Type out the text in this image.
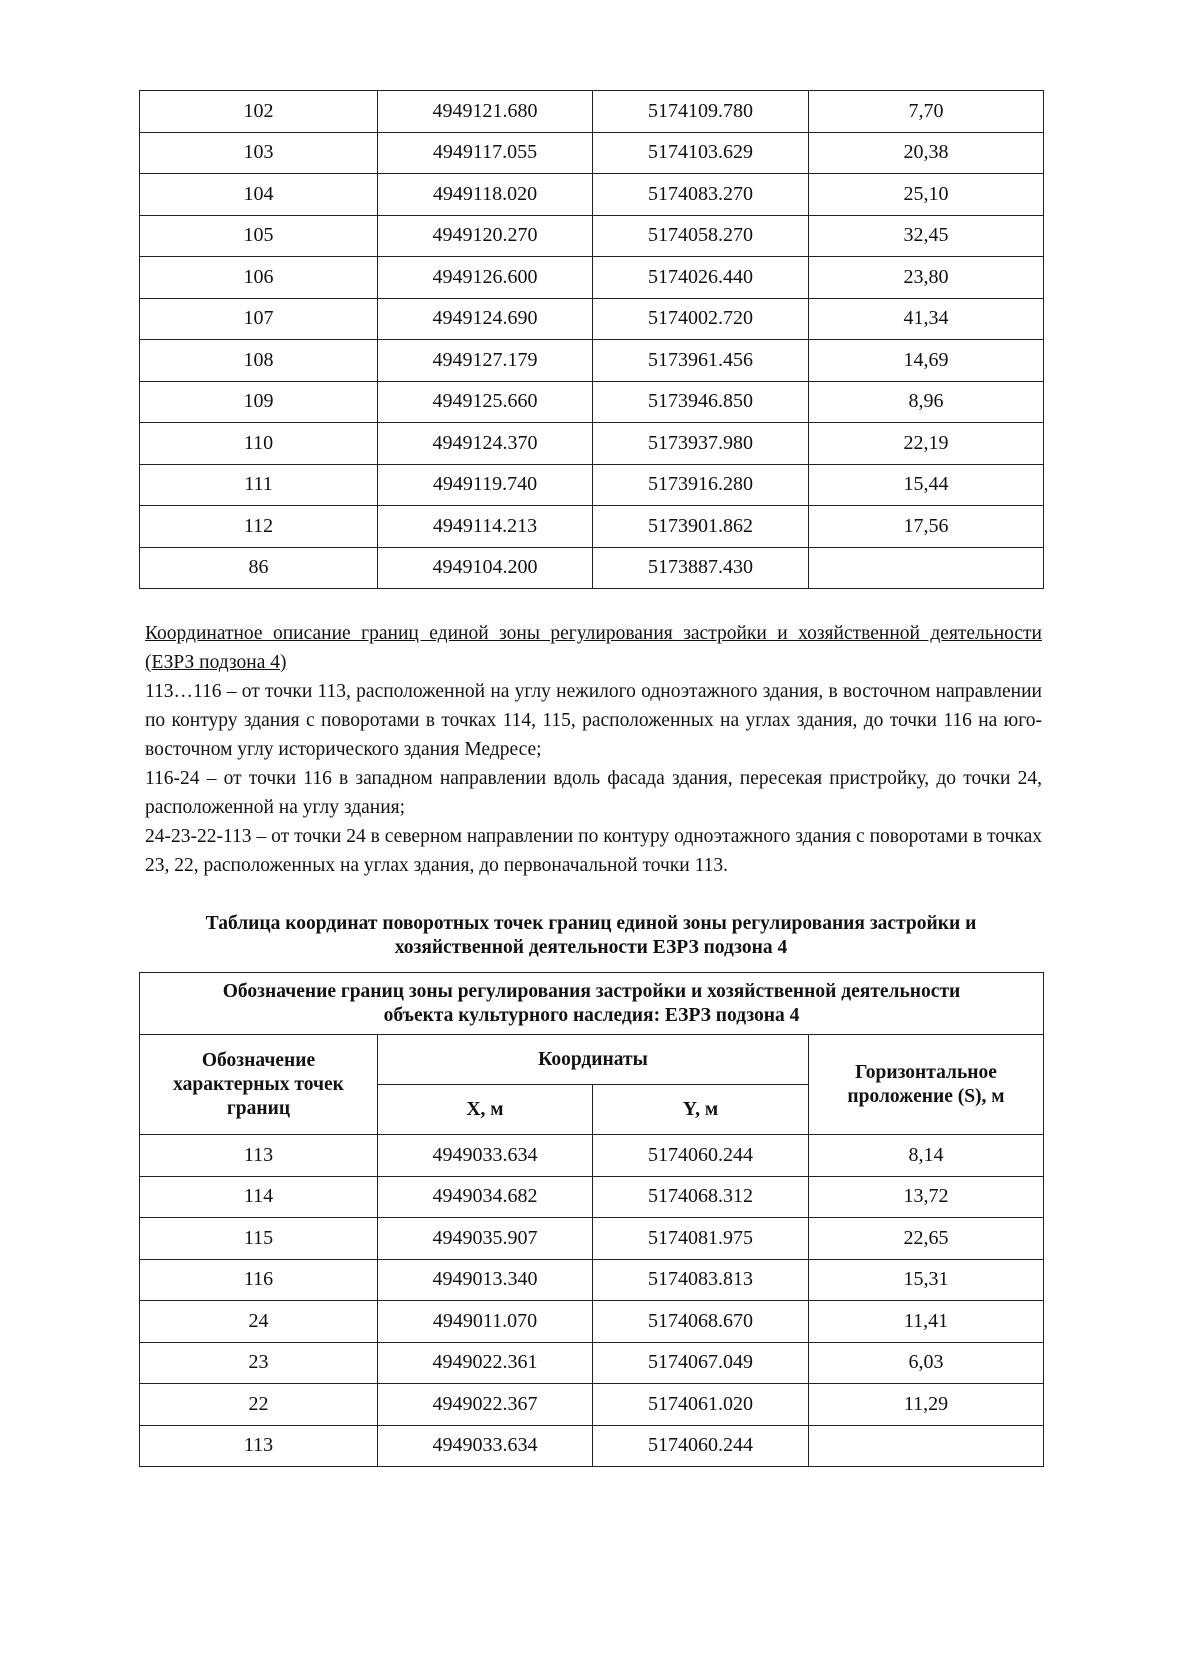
102	4949121.680	5174109.780	7,70
103	4949117.055	5174103.629	20,38
104	4949118.020	5174083.270	25,10
105	4949120.270	5174058.270	32,45
106	4949126.600	5174026.440	23,80
107	4949124.690	5174002.720	41,34
108	4949127.179	5173961.456	14,69
109	4949125.660	5173946.850	8,96
110	4949124.370	5173937.980	22,19
111	4949119.740	5173916.280	15,44
112	4949114.213	5173901.862	17,56
86	4949104.200	5173887.430	

Координатное описание границ единой зоны регулирования застройки и хозяйственной деятельности (ЕЗРЗ подзона 4)

113…116 – от точки 113, расположенной на углу нежилого одноэтажного здания, в восточном направлении по контуру здания с поворотами в точках 114, 115, расположенных на углах здания, до точки 116 на юго-восточном углу исторического здания Медресе;

116-24 – от точки 116 в западном направлении вдоль фасада здания, пересекая пристройку, до точки 24, расположенной на углу здания;

24-23-22-113 – от точки 24 в северном направлении по контуру одноэтажного здания с поворотами в точках 23, 22, расположенных на углах здания, до первоначальной точки 113.

Таблица координат поворотных точек границ единой зоны регулирования застройки и
хозяйственной деятельности ЕЗРЗ подзона 4
Обозначение границ зоны регулирования застройки и хозяйственной деятельности
объекта культурного наследия: ЕЗРЗ подзона 4			

Обозначение характерных точек границ	Координаты		Горизонтальное проложение (S), м
	X, м	Y, м	
113	4949033.634	5174060.244	8,14
114	4949034.682	5174068.312	13,72
115	4949035.907	5174081.975	22,65
116	4949013.340	5174083.813	15,31
24	4949011.070	5174068.670	11,41
23	4949022.361	5174067.049	6,03
22	4949022.367	5174061.020	11,29
113	4949033.634	5174060.244	
